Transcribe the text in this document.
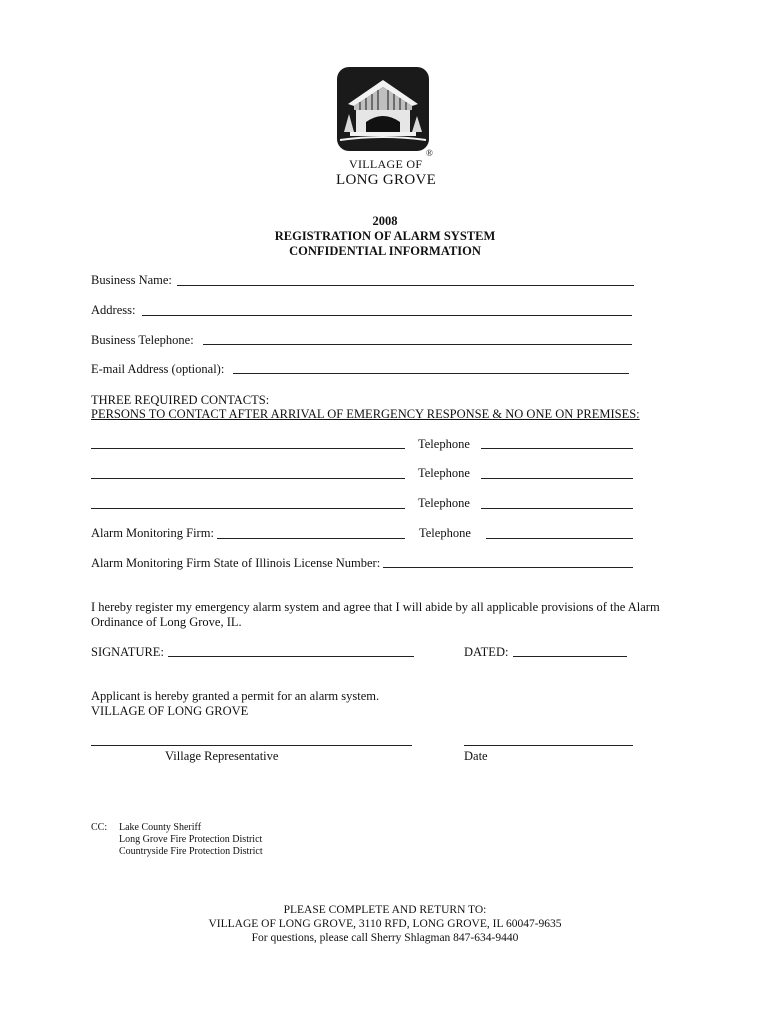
®
VILLAGE OF
LONG GROVE
2008
REGISTRATION OF ALARM SYSTEM
CONFIDENTIAL INFORMATION
Business Name:
Address:
Business Telephone:
E-mail Address (optional):
THREE REQUIRED CONTACTS:
PERSONS TO CONTACT AFTER ARRIVAL OF EMERGENCY RESPONSE & NO ONE ON PREMISES:
Telephone
Telephone
Telephone
Alarm Monitoring Firm:	Telephone
Alarm Monitoring Firm State of Illinois License Number:
I hereby register my emergency alarm system and agree that I will abide by all applicable provisions of the Alarm
Ordinance of Long Grove, IL.
SIGNATURE:	DATED:
Applicant is hereby granted a permit for an alarm system.
VILLAGE OF LONG GROVE
Village Representative	Date
CC: Lake County Sheriff
Long Grove Fire Protection District
Countryside Fire Protection District
PLEASE COMPLETE AND RETURN TO:
VILLAGE OF LONG GROVE, 3110 RFD, LONG GROVE, IL 60047-9635
For questions, please call Sherry Shlagman 847-634-9440
